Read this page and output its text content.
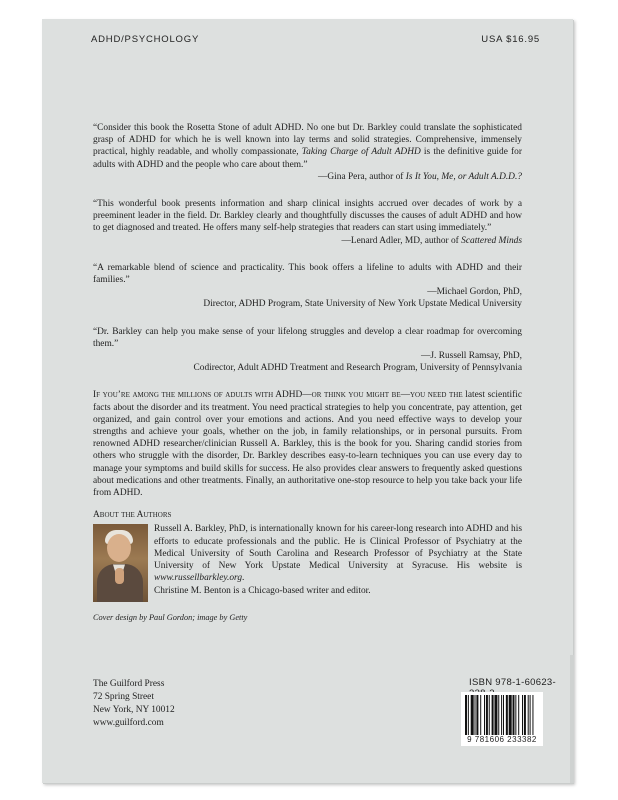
ADHD/PSYCHOLOGY	USA $16.95

“Consider this book the Rosetta Stone of adult ADHD. No one but Dr. Barkley could translate the sophisticated grasp of ADHD for which he is well known into lay terms and solid strategies. Comprehensive, immensely practical, highly readable, and wholly compassionate, Taking Charge of Adult ADHD is the definitive guide for adults with ADHD and the people who care about them.”

—Gina Pera, author of Is It You, Me, or Adult A.D.D.?

“This wonderful book presents information and sharp clinical insights accrued over decades of work by a preeminent leader in the field. Dr. Barkley clearly and thoughtfully discusses the causes of adult ADHD and how to get diagnosed and treated. He offers many self-help strategies that readers can start using immediately.”

—Lenard Adler, MD, author of Scattered Minds

“A remarkable blend of science and practicality. This book offers a lifeline to adults with ADHD and their families.”

—Michael Gordon, PhD,

Director, ADHD Program, State University of New York Upstate Medical University

“Dr. Barkley can help you make sense of your lifelong struggles and develop a clear roadmap for overcoming them.”

—J. Russell Ramsay, PhD,

Codirector, Adult ADHD Treatment and Research Program, University of Pennsylvania

If you’re among the millions of adults with ADHD—or think you might be—you need the latest scientific facts about the disorder and its treatment. You need practical strategies to help you concentrate, pay attention, get organized, and gain control over your emotions and actions. And you need effective ways to develop your strengths and achieve your goals, whether on the job, in family relationships, or in personal pursuits. From renowned ADHD researcher/clinician Russell A. Barkley, this is the book for you. Sharing candid stories from others who struggle with the disorder, Dr. Barkley describes easy-to-learn techniques you can use every day to manage your symptoms and build skills for success. He also provides clear answers to frequently asked questions about medications and other treatments. Finally, an authoritative one-stop resource to help you take back your life from ADHD.

About the Authors

Russell A. Barkley, PhD, is internationally known for his career-long research into ADHD and his efforts to educate professionals and the public. He is Clinical Professor of Psychiatry at the Medical University of South Carolina and Research Professor of Psychiatry at the State University of New York Upstate Medical University at Syracuse. His website is www.russellbarkley.org.

Christine M. Benton is a Chicago-based writer and editor.

Cover design by Paul Gordon; image by Getty
The Guilford Press
72 Spring Street
New York, NY 10012
www.guilford.com
ISBN 978-1-60623-
9 781606 233382
